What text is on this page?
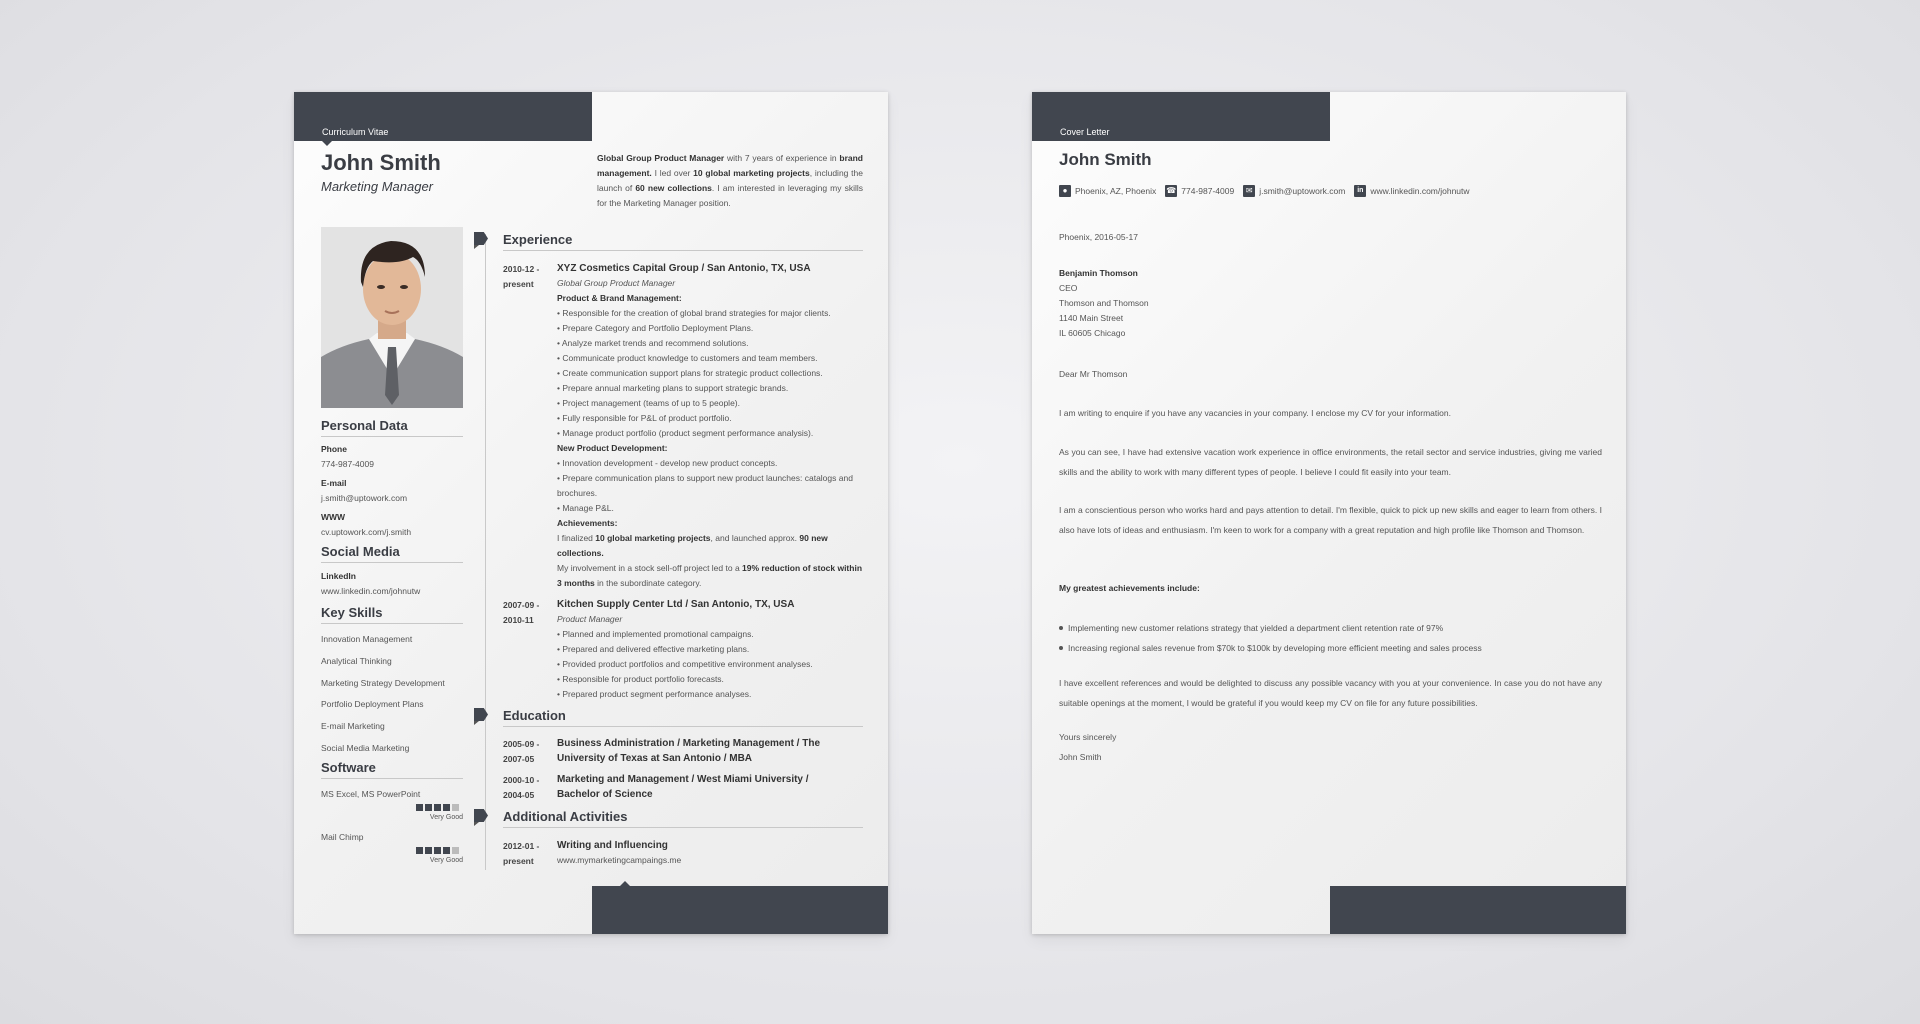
Curriculum Vitae
John Smith
Marketing Manager
Global Group Product Manager with 7 years of experience in brand management. I led over 10 global marketing projects, including the launch of 60 new collections. I am interested in leveraging my skills for the Marketing Manager position.
Personal Data
Phone
774-987-4009
E-mail
j.smith@uptowork.com
WWW
cv.uptowork.com/j.smith
Social Media
LinkedIn
www.linkedin.com/johnutw
Key Skills
Innovation Management
Analytical Thinking
Marketing Strategy Development
Portfolio Deployment Plans
E-mail Marketing
Social Media Marketing
Software
MS Excel, MS PowerPoint
Very Good
Mail Chimp
Very Good
Experience
2010-12 -
present
XYZ Cosmetics Capital Group / San Antonio, TX, USA
Global Group Product Manager
Product & Brand Management:
• Responsible for the creation of global brand strategies for major clients.
• Prepare Category and Portfolio Deployment Plans.
• Analyze market trends and recommend solutions.
• Communicate product knowledge to customers and team members.
• Create communication support plans for strategic product collections.
• Prepare annual marketing plans to support strategic brands.
• Project management (teams of up to 5 people).
• Fully responsible for P&L of product portfolio.
• Manage product portfolio (product segment performance analysis).
New Product Development:
• Innovation development - develop new product concepts.
• Prepare communication plans to support new product launches: catalogs and brochures.
• Manage P&L.
Achievements:
I finalized 10 global marketing projects, and launched approx. 90 new collections.
My involvement in a stock sell-off project led to a 19% reduction of stock within 3 months in the subordinate category.
2007-09 -
2010-11
Kitchen Supply Center Ltd / San Antonio, TX, USA
Product Manager
• Planned and implemented promotional campaigns.
• Prepared and delivered effective marketing plans.
• Provided product portfolios and competitive environment analyses.
• Responsible for product portfolio forecasts.
• Prepared product segment performance analyses.
Education
2005-09 -
2007-05
Business Administration / Marketing Management / The University of Texas at San Antonio / MBA
2000-10 -
2004-05
Marketing and Management / West Miami University / Bachelor of Science
Additional Activities
2012-01 -
present
Writing and Influencing
www.mymarketingcampaings.me
Cover Letter
John Smith
● Phoenix, AZ, Phoenix ☎ 774-987-4009	✉ j.smith@uptowork.com	in www.linkedin.com/johnutw
Phoenix, 2016-05-17
Benjamin Thomson
CEO
Thomson and Thomson
1140 Main Street
IL 60605 Chicago
Dear Mr Thomson
I am writing to enquire if you have any vacancies in your company. I enclose my CV for your information.
As you can see, I have had extensive vacation work experience in office environments, the retail sector and service industries, giving me varied skills and the ability to work with many different types of people. I believe I could fit easily into your team.
I am a conscientious person who works hard and pays attention to detail. I'm flexible, quick to pick up new skills and eager to learn from others. I also have lots of ideas and enthusiasm. I'm keen to work for a company with a great reputation and high profile like Thomson and Thomson.
My greatest achievements include:
Implementing new customer relations strategy that yielded a department client retention rate of 97%
Increasing regional sales revenue from $70k to $100k by developing more efficient meeting and sales process
I have excellent references and would be delighted to discuss any possible vacancy with you at your convenience. In case you do not have any suitable openings at the moment, I would be grateful if you would keep my CV on file for any future possibilities.
Yours sincerely
John Smith
